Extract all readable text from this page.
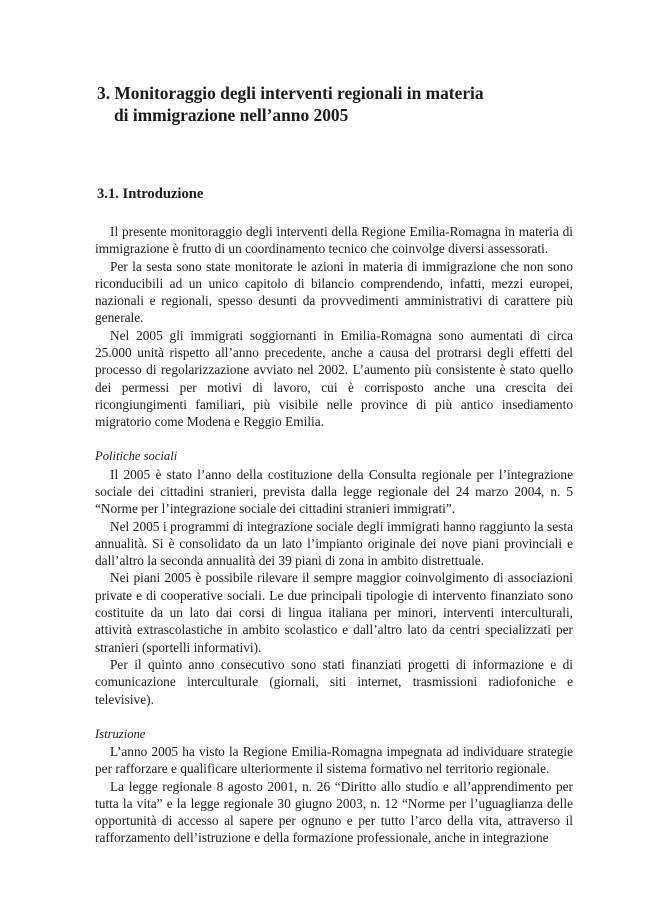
3. Monitoraggio degli interventi regionali in materia
di immigrazione nell’anno 2005
3.1. Introduzione

Il presente monitoraggio degli interventi della Regione Emilia-Romagna in materia di immigrazione è frutto di un coordinamento tecnico che coinvolge diversi assessorati.

Per la sesta sono state monitorate le azioni in materia di immigrazione che non sono riconducibili ad un unico capitolo di bilancio comprendendo, infatti, mezzi europei, nazionali e regionali, spesso desunti da provvedimenti amministrativi di carattere più generale.

Nel 2005 gli immigrati soggiornanti in Emilia-Romagna sono aumentati di circa 25.000 unità rispetto all’anno precedente, anche a causa del protrarsi degli effetti del processo di regolarizzazione avviato nel 2002. L’aumento più consistente è stato quello dei permessi per motivi di lavoro, cui è corrisposto anche una crescita dei ricongiungimenti familiari, più visibile nelle province di più antico insediamento migratorio come Modena e Reggio Emilia.

Politiche sociali

Il 2005 è stato l’anno della costituzione della Consulta regionale per l’integrazione sociale dei cittadini stranieri, prevista dalla legge regionale del 24 marzo 2004, n. 5 “Norme per l’integrazione sociale dei cittadini stranieri immigrati”.

Nel 2005 i programmi di integrazione sociale degli immigrati hanno raggiunto la sesta annualità. Si è consolidato da un lato l’impianto originale dei nove piani provinciali e dall’altro la seconda annualità dei 39 piani di zona in ambito distrettuale.

Nei piani 2005 è possibile rilevare il sempre maggior coinvolgimento di associazioni private e di cooperative sociali. Le due principali tipologie di intervento finanziato sono costituite da un lato dai corsi di lingua italiana per minori, interventi interculturali, attività extrascolastiche in ambito scolastico e dall’altro lato da centri specializzati per stranieri (sportelli informativi).

Per il quinto anno consecutivo sono stati finanziati progetti di informazione e di comunicazione interculturale (giornali, siti internet, trasmissioni radiofoniche e televisive).

Istruzione

L’anno 2005 ha visto la Regione Emilia-Romagna impegnata ad individuare strategie per rafforzare e qualificare ulteriormente il sistema formativo nel territorio regionale.

La legge regionale 8 agosto 2001, n. 26 “Diritto allo studio e all’apprendimento per tutta la vita” e la legge regionale 30 giugno 2003, n. 12 “Norme per l’uguaglianza delle opportunità di accesso al sapere per ognuno e per tutto l’arco della vita, attraverso il rafforzamento dell’istruzione e della formazione professionale, anche in integrazione
